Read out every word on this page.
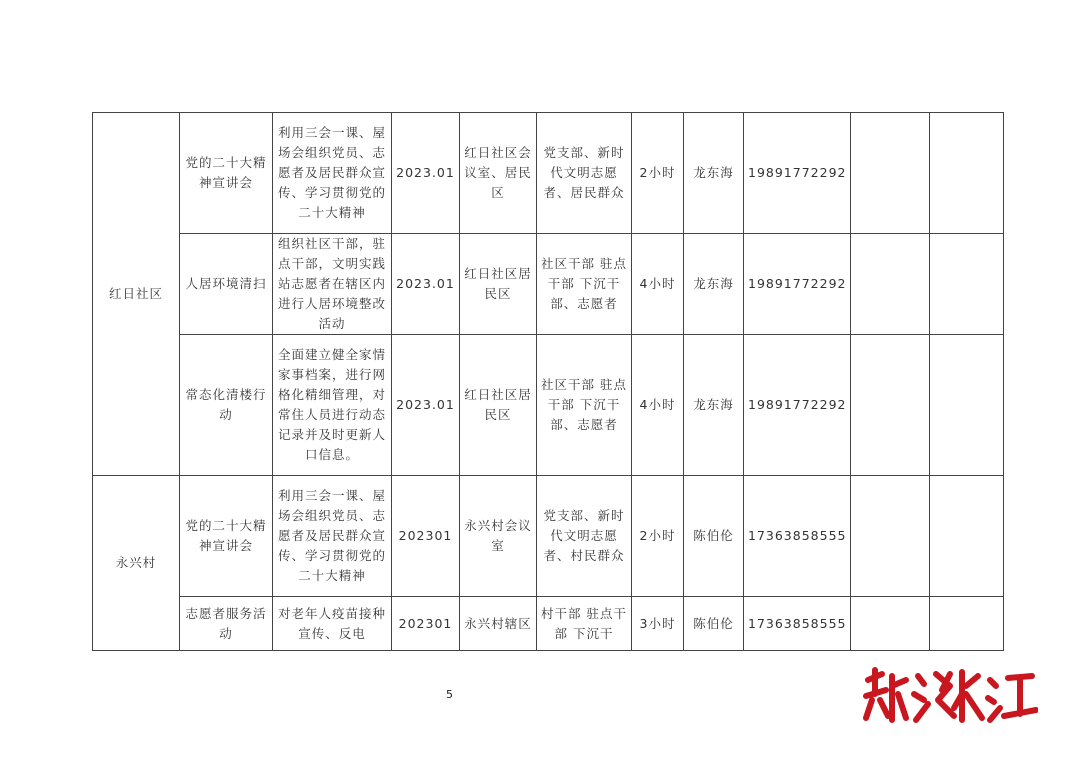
红日社区	党的二十大精神宣讲会	利用三会一课、屋场会组织党员、志愿者及居民群众宣传、学习贯彻党的二十大精神	2023.01	红日社区会议室、居民区	党支部、新时代文明志愿者、居民群众	2小时	龙东海	19891772292		
	人居环境清扫	组织社区干部，驻点干部，文明实践站志愿者在辖区内进行人居环境整改活动	2023.01	红日社区居民区	社区干部 驻点干部 下沉干部、志愿者	4小时	龙东海	19891772292		
	常态化清楼行动	全面建立健全家情家事档案，进行网格化精细管理，对常住人员进行动态记录并及时更新人口信息。	2023.01	红日社区居民区	社区干部 驻点干部 下沉干部、志愿者	4小时	龙东海	19891772292		
永兴村	党的二十大精神宣讲会	利用三会一课、屋场会组织党员、志愿者及居民群众宣传、学习贯彻党的二十大精神	202301	永兴村会议室	党支部、新时代文明志愿者、村民群众	2小时	陈伯伦	17363858555		
	志愿者服务活动	对老年人疫苗接种宣传、反电	202301	永兴村辖区	村干部 驻点干部 下沉干	3小时	陈伯伦	17363858555		
5
